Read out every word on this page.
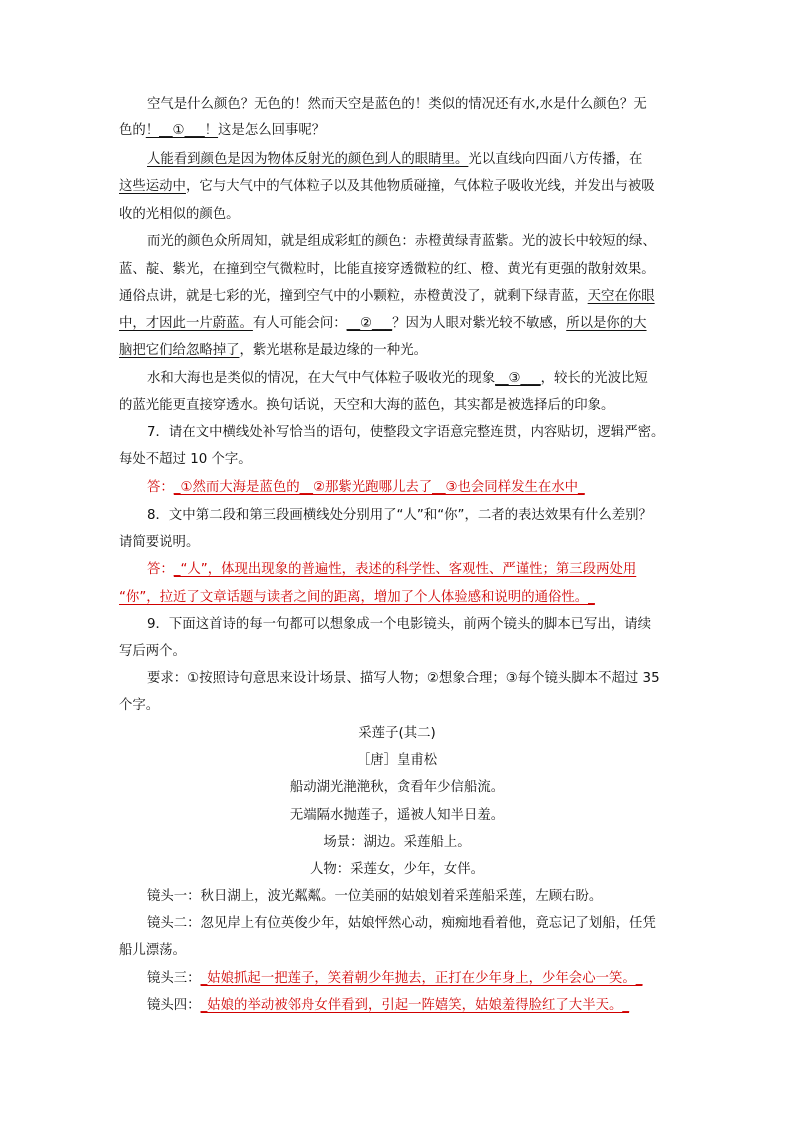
空气是什么颜色？无色的！然而天空是蓝色的！类似的情况还有水,水是什么颜色？无
色的！__①___！这是怎么回事呢？
人能看到颜色是因为物体反射光的颜色到人的眼睛里。光以直线向四面八方传播，在
这些运动中，它与大气中的气体粒子以及其他物质碰撞，气体粒子吸收光线，并发出与被吸
收的光相似的颜色。
而光的颜色众所周知，就是组成彩虹的颜色：赤橙黄绿青蓝紫。光的波长中较短的绿、
蓝、靛、紫光，在撞到空气微粒时，比能直接穿透微粒的红、橙、黄光有更强的散射效果。
通俗点讲，就是七彩的光，撞到空气中的小颗粒，赤橙黄没了，就剩下绿青蓝，天空在你眼
中，才因此一片蔚蓝。有人可能会问：__②___？因为人眼对紫光较不敏感，所以是你的大
脑把它们给忽略掉了，紫光堪称是最边缘的一种光。
水和大海也是类似的情况，在大气中气体粒子吸收光的现象__③___，较长的光波比短
的蓝光能更直接穿透水。换句话说，天空和大海的蓝色，其实都是被选择后的印象。
7．请在文中横线处补写恰当的语句，使整段文字语意完整连贯，内容贴切，逻辑严密。
每处不超过 10 个字。
答：_①然而大海是蓝色的__②那紫光跑哪儿去了__③也会同样发生在水中_
8．文中第二段和第三段画横线处分别用了“人”和“你”，二者的表达效果有什么差别？
请简要说明。
答：_“人”，体现出现象的普遍性，表述的科学性、客观性、严谨性；第三段两处用
“你”，拉近了文章话题与读者之间的距离，增加了个人体验感和说明的通俗性。_
9．下面这首诗的每一句都可以想象成一个电影镜头，前两个镜头的脚本已写出，请续
写后两个。
要求：①按照诗句意思来设计场景、描写人物；②想象合理；③每个镜头脚本不超过 35
个字。
采莲子(其二)
［唐］皇甫松
船动湖光滟滟秋，贪看年少信船流。
无端隔水抛莲子，遥被人知半日羞。
场景：湖边。采莲船上。
人物：采莲女，少年，女伴。
镜头一：秋日湖上，波光粼粼。一位美丽的姑娘划着采莲船采莲，左顾右盼。
镜头二：忽见岸上有位英俊少年，姑娘怦然心动，痴痴地看着他，竟忘记了划船，任凭
船儿漂荡。
镜头三：_姑娘抓起一把莲子，笑着朝少年抛去，正打在少年身上，少年会心一笑。_
镜头四：_姑娘的举动被邻舟女伴看到，引起一阵嬉笑，姑娘羞得脸红了大半天。_
